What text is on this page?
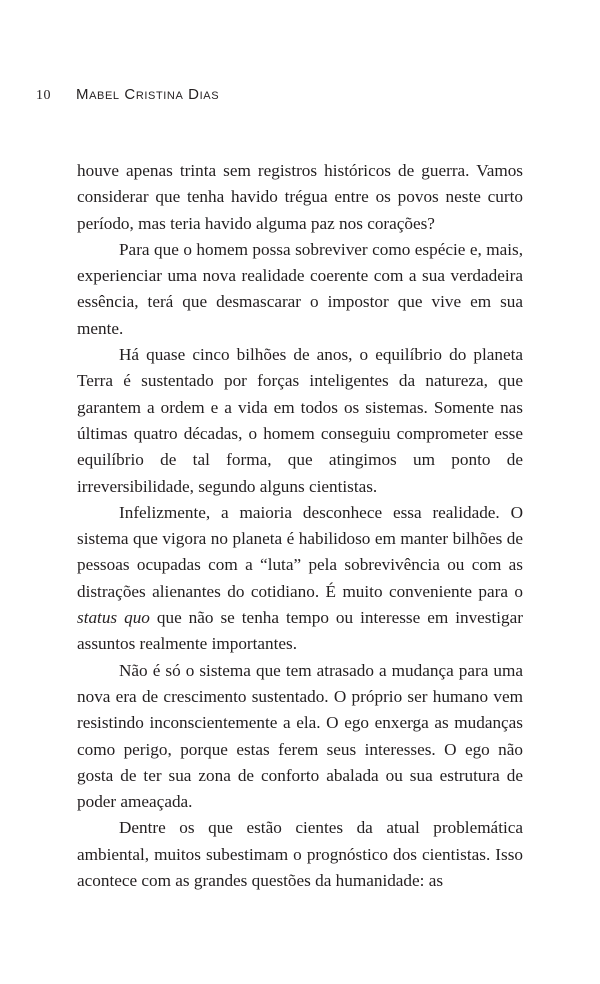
10	Mabel Cristina Dias

houve apenas trinta sem registros históricos de guerra. Vamos considerar que tenha havido trégua entre os povos neste curto período, mas teria havido alguma paz nos corações?

Para que o homem possa sobreviver como espécie e, mais, experienciar uma nova realidade coerente com a sua verdadeira essência, terá que desmascarar o impostor que vive em sua mente.

Há quase cinco bilhões de anos, o equilíbrio do planeta Terra é sustentado por forças inteligentes da natureza, que garantem a ordem e a vida em todos os sistemas. Somente nas últimas quatro décadas, o homem conseguiu comprometer esse equilíbrio de tal forma, que atingimos um ponto de irreversibilidade, segundo alguns cientistas.

Infelizmente, a maioria desconhece essa realidade. O sistema que vigora no planeta é habilidoso em manter bilhões de pessoas ocupadas com a “luta” pela sobrevivência ou com as distrações alienantes do cotidiano. É muito conveniente para o status quo que não se tenha tempo ou interesse em investigar assuntos realmente importantes.

Não é só o sistema que tem atrasado a mudança para uma nova era de crescimento sustentado. O próprio ser humano vem resistindo inconscientemente a ela. O ego enxerga as mudanças como perigo, porque estas ferem seus interesses. O ego não gosta de ter sua zona de conforto abalada ou sua estrutura de poder ameaçada.

Dentre os que estão cientes da atual problemática ambiental, muitos subestimam o prognóstico dos cientistas. Isso acontece com as grandes questões da humanidade: as
